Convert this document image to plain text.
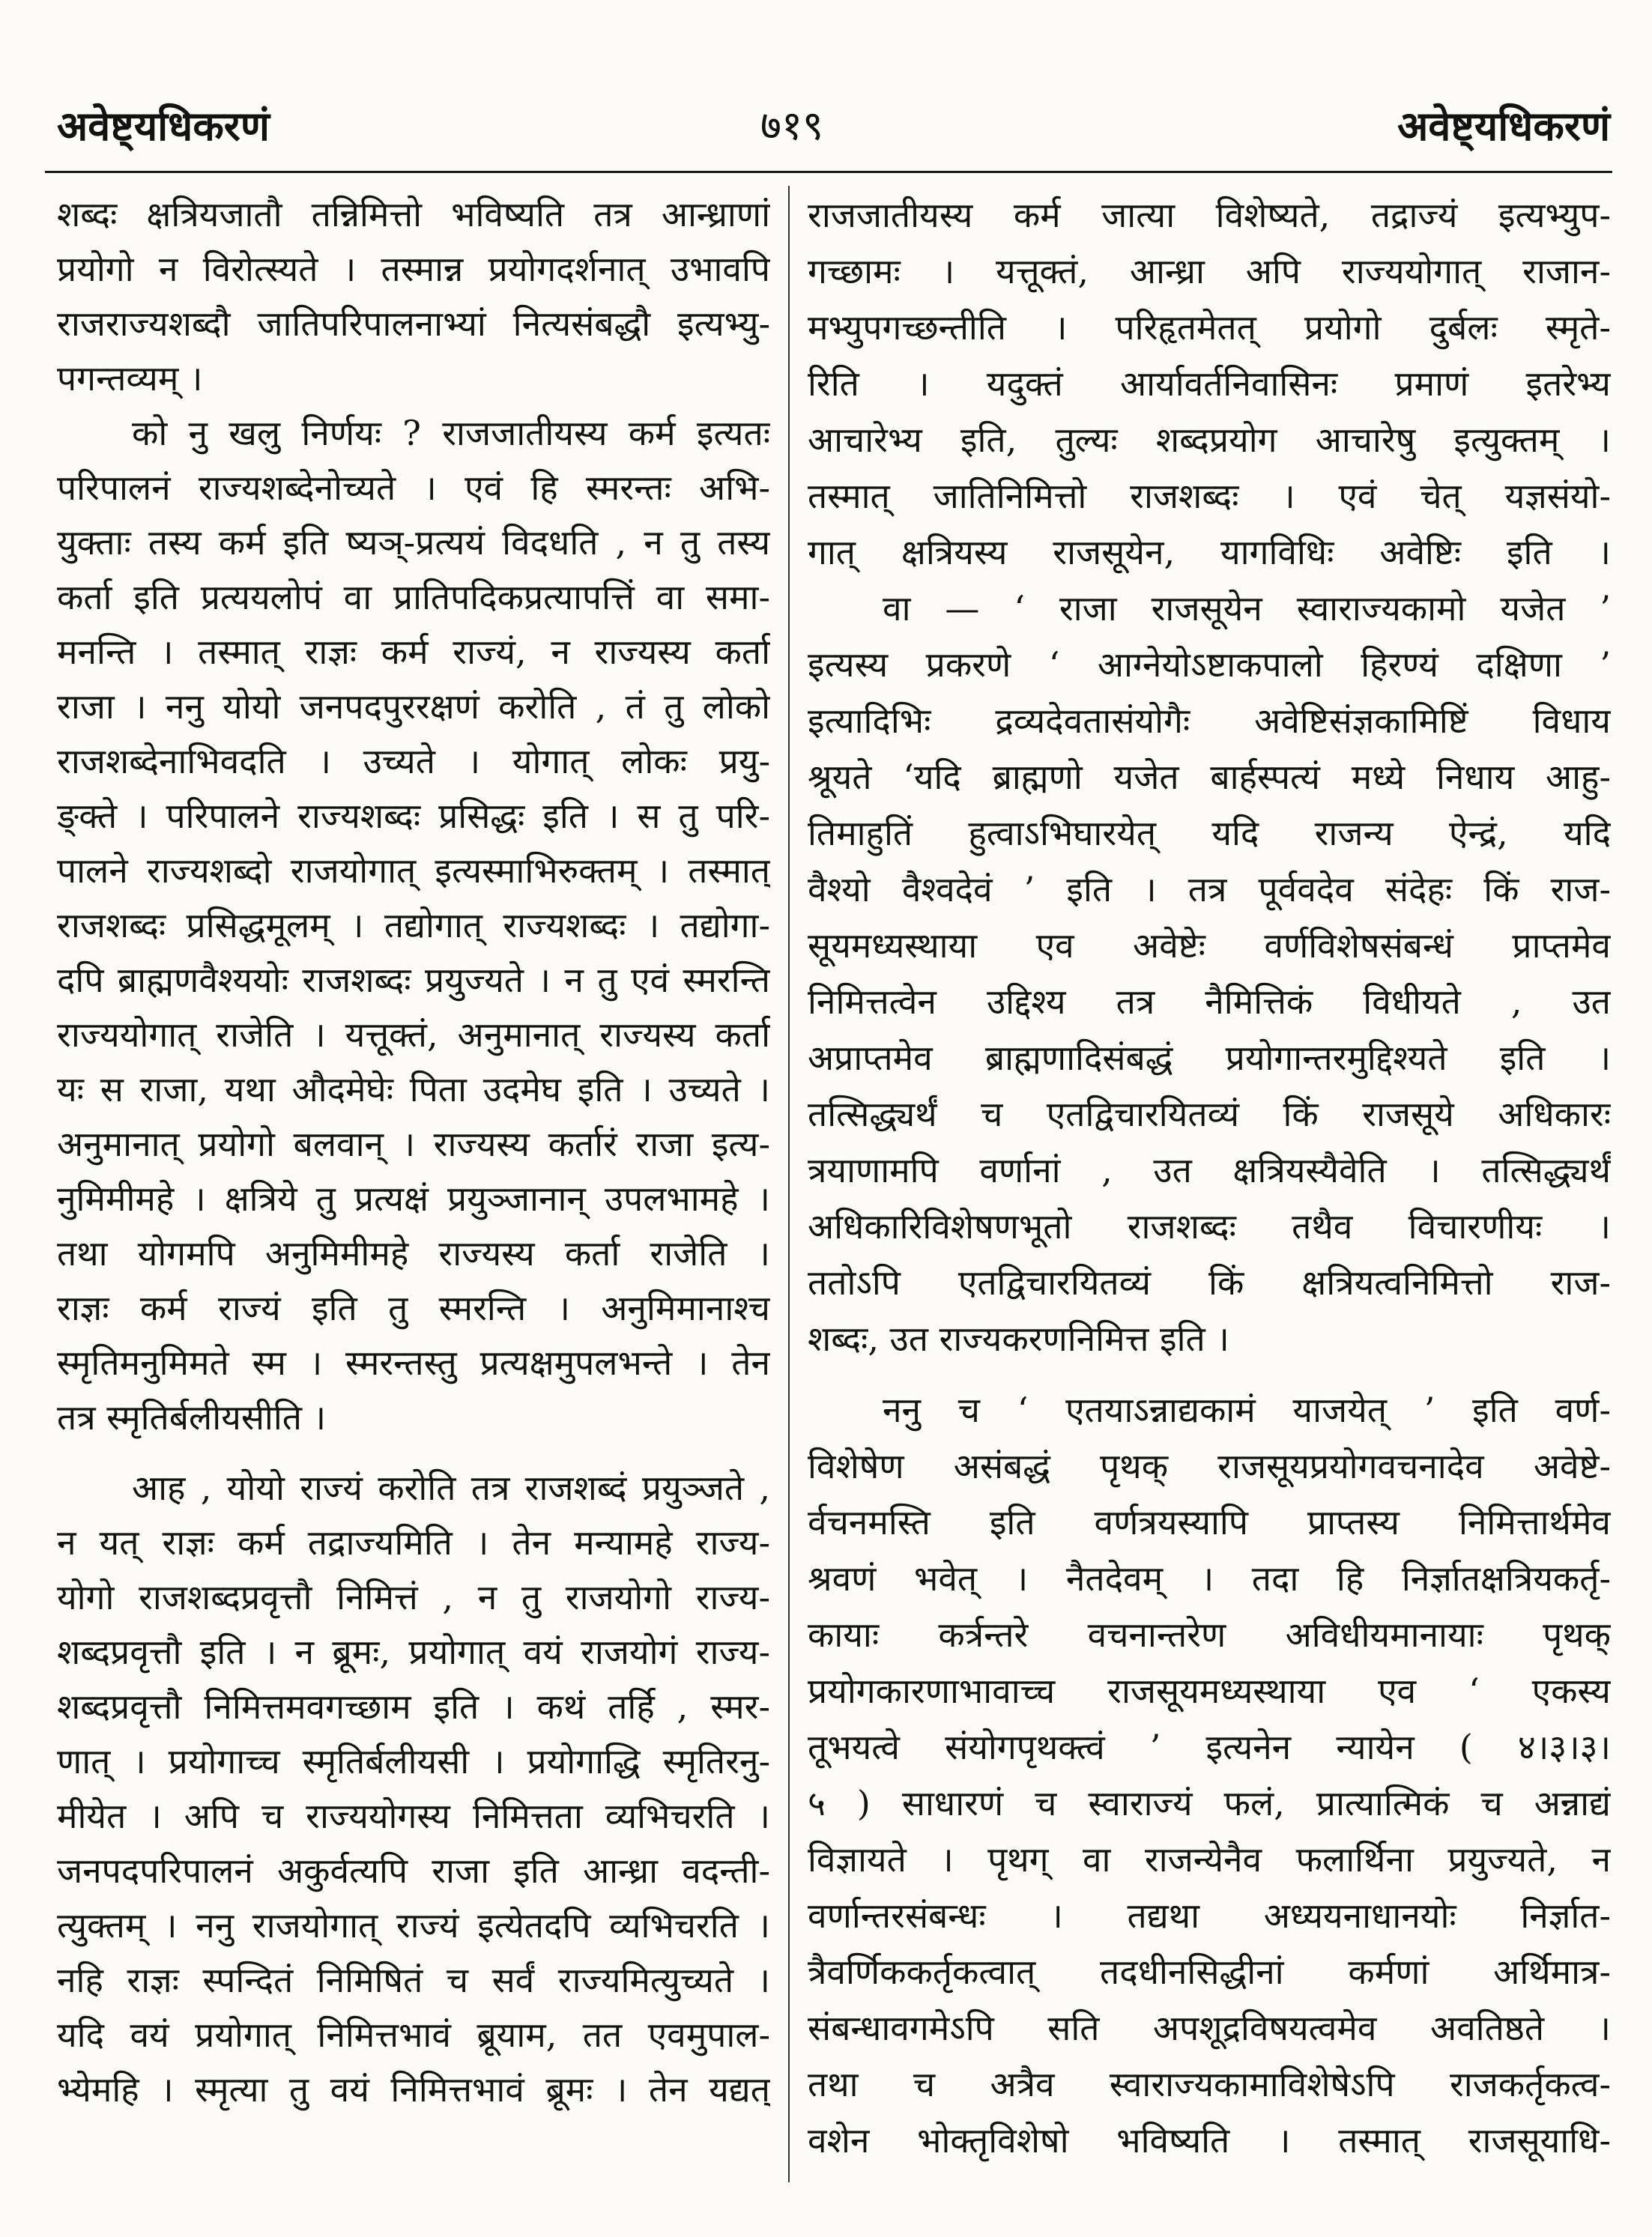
अवेष्ट्यधिकरणं	७१९	अवेष्ट्यधिकरणं
शब्दः क्षत्रियजातौ तन्निमित्तो भविष्यति तत्र आन्ध्राणां
प्रयोगो न विरोत्स्यते । तस्मान्न प्रयोगदर्शनात् उभावपि
राजराज्यशब्दौ जातिपरिपालनाभ्यां नित्यसंबद्धौ इत्यभ्यु-
पगन्तव्यम् ।
को नु खलु निर्णयः ? राजजातीयस्य कर्म इत्यतः
परिपालनं राज्यशब्देनोच्यते । एवं हि स्मरन्तः अभि-
युक्ताः तस्य कर्म इति ष्यञ्-प्रत्ययं विदधति , न तु तस्य
कर्ता इति प्रत्ययलोपं वा प्रातिपदिकप्रत्यापत्तिं वा समा-
मनन्ति । तस्मात् राज्ञः कर्म राज्यं, न राज्यस्य कर्ता
राजा । ननु योयो जनपदपुररक्षणं करोति , तं तु लोको
राजशब्देनाभिवदति । उच्यते । योगात् लोकः प्रयु-
ङ्क्ते । परिपालने राज्यशब्दः प्रसिद्धः इति । स तु परि-
पालने राज्यशब्दो राजयोगात् इत्यस्माभिरुक्तम् । तस्मात्
राजशब्दः प्रसिद्धमूलम् । तद्योगात् राज्यशब्दः । तद्योगा-
दपि ब्राह्मणवैश्ययोः राजशब्दः प्रयुज्यते । न तु एवं स्मरन्ति
राज्ययोगात् राजेति । यत्तूक्तं, अनुमानात् राज्यस्य कर्ता
यः स राजा, यथा औदमेघेः पिता उदमेघ इति । उच्यते ।
अनुमानात् प्रयोगो बलवान् । राज्यस्य कर्तारं राजा इत्य-
नुमिमीमहे । क्षत्रिये तु प्रत्यक्षं प्रयुञ्जानान् उपलभामहे ।
तथा योगमपि अनुमिमीमहे राज्यस्य कर्ता राजेति ।
राज्ञः कर्म राज्यं इति तु स्मरन्ति । अनुमिमानाश्च
स्मृतिमनुमिमते स्म । स्मरन्तस्तु प्रत्यक्षमुपलभन्ते । तेन
तत्र स्मृतिर्बलीयसीति ।
आह , योयो राज्यं करोति तत्र राजशब्दं प्रयुञ्जते ,
न यत् राज्ञः कर्म तद्राज्यमिति । तेन मन्यामहे राज्य-
योगो राजशब्दप्रवृत्तौ निमित्तं , न तु राजयोगो राज्य-
शब्दप्रवृत्तौ इति । न ब्रूमः, प्रयोगात् वयं राजयोगं राज्य-
शब्दप्रवृत्तौ निमित्तमवगच्छाम इति । कथं तर्हि , स्मर-
णात् । प्रयोगाच्च स्मृतिर्बलीयसी । प्रयोगाद्धि स्मृतिरनु-
मीयेत । अपि च राज्ययोगस्य निमित्तता व्यभिचरति ।
जनपदपरिपालनं अकुर्वत्यपि राजा इति आन्ध्रा वदन्ती-
त्युक्तम् । ननु राजयोगात् राज्यं इत्येतदपि व्यभिचरति ।
नहि राज्ञः स्पन्दितं निमिषितं च सर्वं राज्यमित्युच्यते ।
यदि वयं प्रयोगात् निमित्तभावं ब्रूयाम, तत एवमुपाल-
भ्येमहि । स्मृत्या तु वयं निमित्तभावं ब्रूमः । तेन यद्यत्
राजजातीयस्य कर्म जात्या विशेष्यते, तद्राज्यं इत्यभ्युप-
गच्छामः । यत्तूक्तं, आन्ध्रा अपि राज्ययोगात् राजान-
मभ्युपगच्छन्तीति । परिहृतमेतत् प्रयोगो दुर्बलः स्मृते-
रिति । यदुक्तं आर्यावर्तनिवासिनः प्रमाणं इतरेभ्य
आचारेभ्य इति, तुल्यः शब्दप्रयोग आचारेषु इत्युक्तम् ।
तस्मात् जातिनिमित्तो राजशब्दः । एवं चेत् यज्ञसंयो-
गात् क्षत्रियस्य राजसूयेन, यागविधिः अवेष्टिः इति ।
वा — ‘ राजा राजसूयेन स्वाराज्यकामो यजेत ’
इत्यस्य प्रकरणे ‘ आग्नेयोऽष्टाकपालो हिरण्यं दक्षिणा ’
इत्यादिभिः द्रव्यदेवतासंयोगैः अवेष्टिसंज्ञकामिष्टिं विधाय
श्रूयते ‘यदि ब्राह्मणो यजेत बार्हस्पत्यं मध्ये निधाय आहु-
तिमाहुतिं हुत्वाऽभिघारयेत् यदि राजन्य ऐन्द्रं, यदि
वैश्यो वैश्वदेवं ’ इति । तत्र पूर्ववदेव संदेहः किं राज-
सूयमध्यस्थाया एव अवेष्टेः वर्णविशेषसंबन्धं प्राप्तमेव
निमित्तत्वेन उद्दिश्य तत्र नैमित्तिकं विधीयते , उत
अप्राप्तमेव ब्राह्मणादिसंबद्धं प्रयोगान्तरमुद्दिश्यते इति ।
तत्सिद्ध्यर्थं च एतद्विचारयितव्यं किं राजसूये अधिकारः
त्रयाणामपि वर्णानां , उत क्षत्रियस्यैवेति । तत्सिद्ध्यर्थं
अधिकारिविशेषणभूतो राजशब्दः तथैव विचारणीयः ।
ततोऽपि एतद्विचारयितव्यं किं क्षत्रियत्वनिमित्तो राज-
शब्दः, उत राज्यकरणनिमित्त इति ।
ननु च ‘ एतयाऽन्नाद्यकामं याजयेत् ’ इति वर्ण-
विशेषेण असंबद्धं पृथक् राजसूयप्रयोगवचनादेव अवेष्टे-
र्वचनमस्ति इति वर्णत्रयस्यापि प्राप्तस्य निमित्तार्थमेव
श्रवणं भवेत् । नैतदेवम् । तदा हि निर्ज्ञातक्षत्रियकर्तृ-
कायाः कर्त्रन्तरे वचनान्तरेण अविधीयमानायाः पृथक्
प्रयोगकारणाभावाच्च राजसूयमध्यस्थाया एव ‘ एकस्य
तूभयत्वे संयोगपृथक्त्वं ’ इत्यनेन न्यायेन ( ४।३।३।
५ ) साधारणं च स्वाराज्यं फलं, प्रात्यात्मिकं च अन्नाद्यं
विज्ञायते । पृथग् वा राजन्येनैव फलार्थिना प्रयुज्यते, न
वर्णान्तरसंबन्धः । तद्यथा अध्ययनाधानयोः निर्ज्ञात-
त्रैवर्णिककर्तृकत्वात् तदधीनसिद्धीनां कर्मणां अर्थिमात्र-
संबन्धावगमेऽपि सति अपशूद्रविषयत्वमेव अवतिष्ठते ।
तथा च अत्रैव स्वाराज्यकामाविशेषेऽपि राजकर्तृकत्व-
वशेन भोक्तृविशेषो भविष्यति । तस्मात् राजसूयाधि-
